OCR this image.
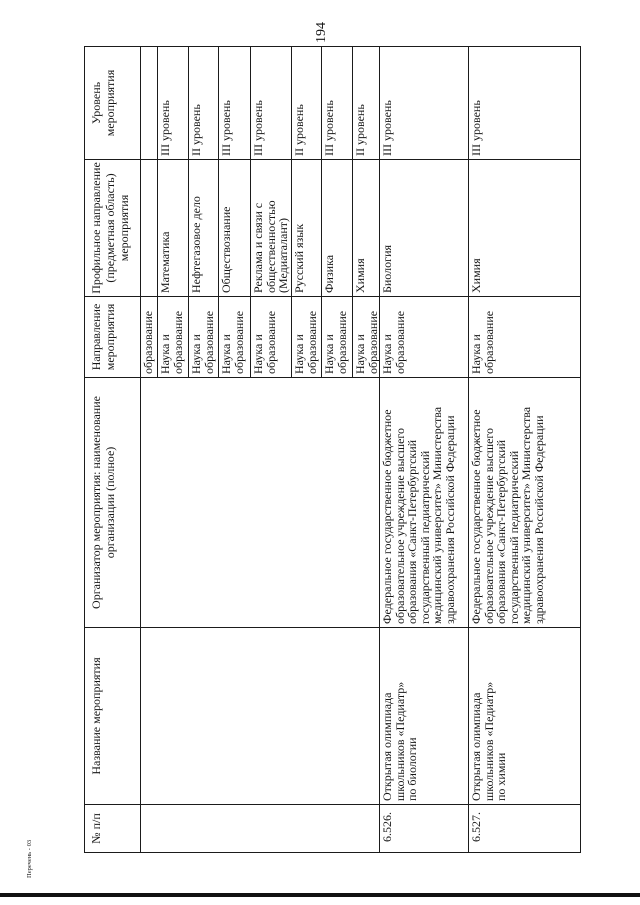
194
Перечень - 03
№ п/п
Название мероприятия
Организатор мероприятия: наименование
организации (полное)
Направление
мероприятия
Профильное направление
(предметная область)
мероприятия
Уровень
мероприятия
образование Наука и
образование
Математика
III уровень
Наука и
образование
Нефтегазовое дело
II уровень
Наука и
образование
Обществознание
III уровень
Наука и
образование
Реклама и связи с
общественностью
(Медиаталант)
III уровень
Наука и
образование
Русский язык
II уровень
Наука и
образование
Физика
III уровень
Наука и
образование
Химия
II уровень
6.526.
Открытая олимпиада
школьников «Педиатр»
по биологии
Федеральное государственное бюджетное
образовательное учреждение высшего
образования «Санкт-Петербургский
государственный педиатрический
медицинский университет» Министерства
здравоохранения Российской Федерации
Наука и
образование
Биология
III уровень
6.527.
Открытая олимпиада
школьников «Педиатр»
по химии
Федеральное государственное бюджетное
образовательное учреждение высшего
образования «Санкт-Петербургский
государственный педиатрический
медицинский университет» Министерства
здравоохранения Российской Федерации
Наука и
образование
Химия
III уровень
